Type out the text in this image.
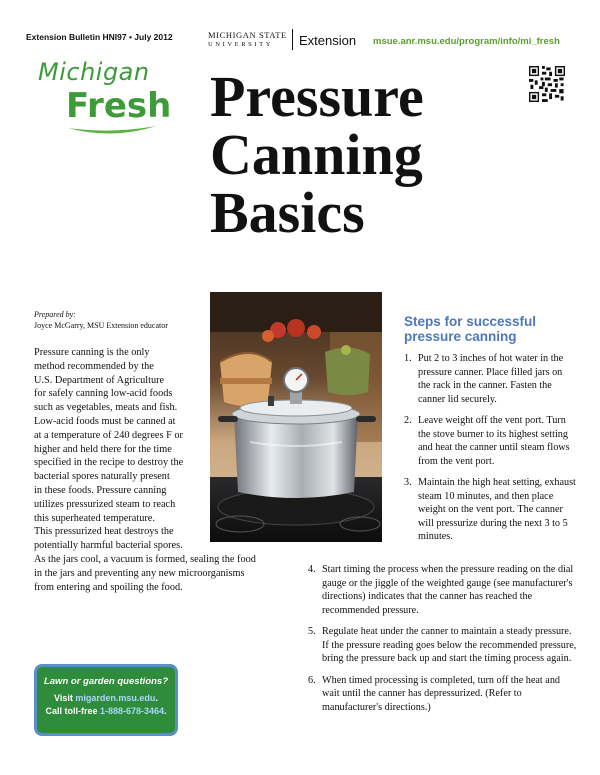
Extension Bulletin HNI97 • July 2012	MICHIGAN STATE
UNIVERSITY	Extension msue.anr.msu.edu/program/info/mi_fresh
Michigan
Fresh Pressure
Canning
Basics
Prepared by:
Joyce McGarry, MSU Extension educator
Pressure canning is the only
method recommended by the
U.S. Department of Agriculture
for safely canning low-acid foods
such as vegetables, meats and fish.
Low-acid foods must be canned at
at a temperature of 240 degrees F or
higher and held there for the time
specified in the recipe to destroy the
bacterial spores naturally present
in these foods. Pressure canning
utilizes pressurized steam to reach
this superheated temperature.
This pressurized heat destroys the
potentially harmful bacterial spores.
As the jars cool, a vacuum is formed, sealing the food
in the jars and preventing any new microorganisms
from entering and spoiling the food.
Steps for successful
pressure canning
1. Put 2 to 3 inches of hot water in the pressure canner. Place filled jars on the rack in the canner. Fasten the canner lid securely.
2. Leave weight off the vent port. Turn the stove burner to its highest setting and heat the canner until steam flows from the vent port.
3. Maintain the high heat setting, exhaust steam 10 minutes, and then place weight on the vent port. The canner will pressurize during the next 3 to 5 minutes.
4. Start timing the process when the pressure reading on the dial gauge or the jiggle of the weighted gauge (see manufacturer's directions) indicates that the canner has reached the recommended pressure.
5. Regulate heat under the canner to maintain a steady pressure. If the pressure reading goes below the recommended pressure, bring the pressure back up and start the timing process again.
6. When timed processing is completed, turn off the heat and wait until the canner has depressurized. (Refer to manufacturer's directions.)
Lawn or garden questions?
Visit migarden.msu.edu.
Call toll-free 1-888-678-3464.
